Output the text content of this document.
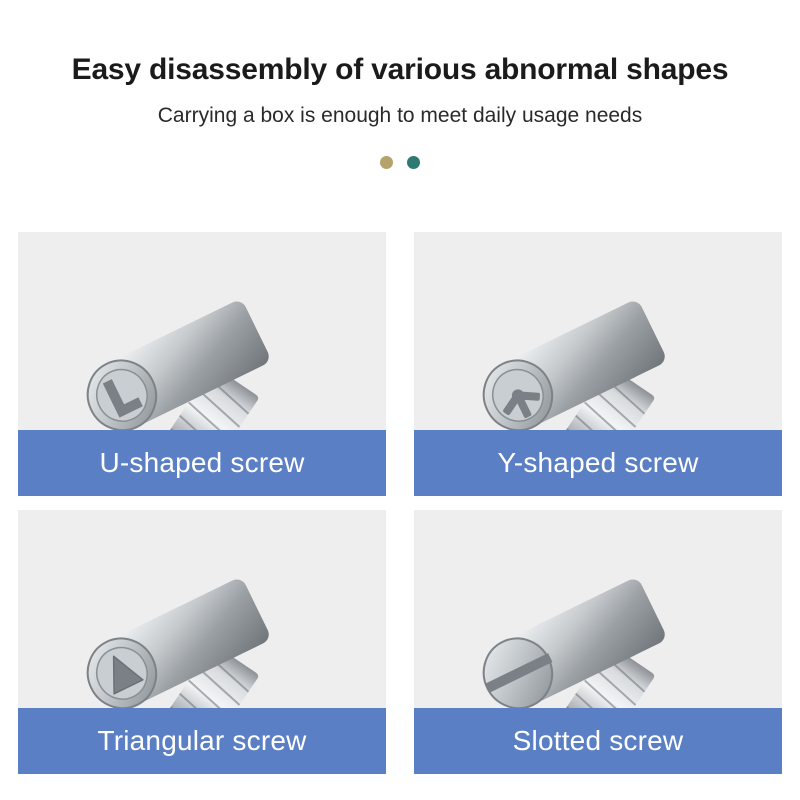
Easy disassembly of various abnormal shapes
Carrying a box is enough to meet daily usage needs
U-shaped screw	Y-shaped screw
Triangular screw	Slotted screw
